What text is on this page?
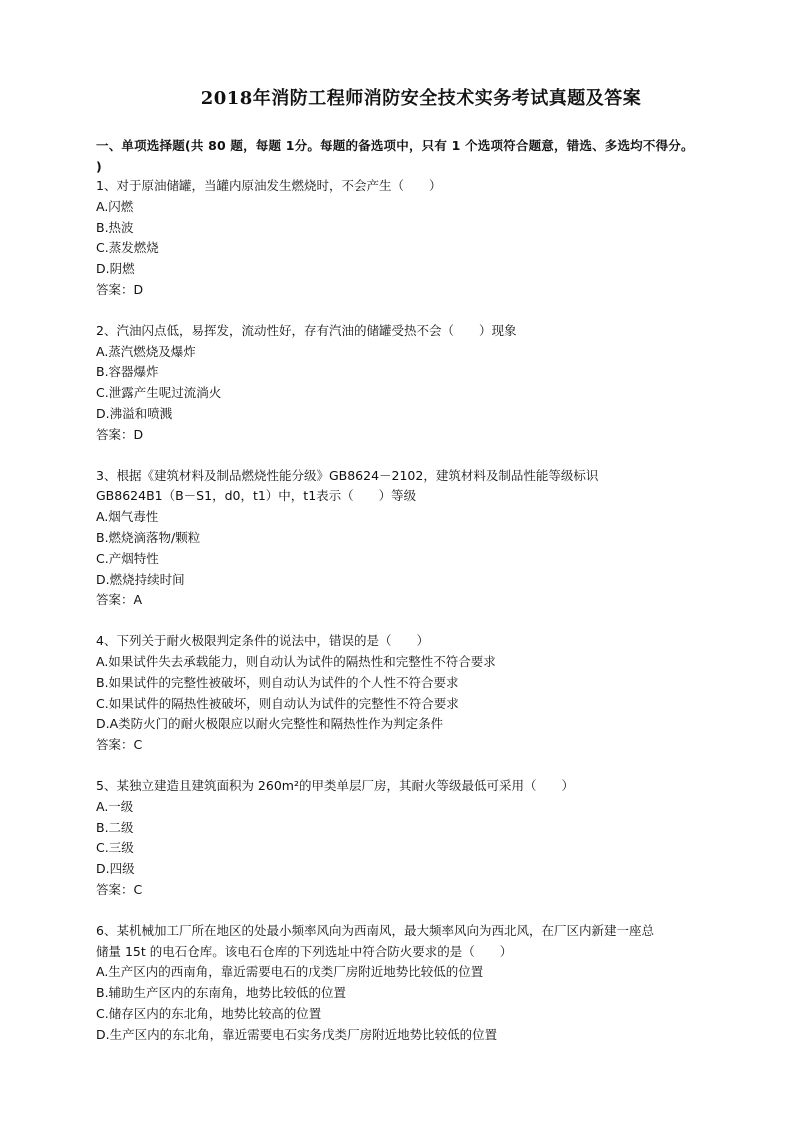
2018年消防工程师消防安全技术实务考试真题及答案
一、单项选择题(共 80 题，每题 1分。每题的备选项中，只有 1 个选项符合题意，错选、多选均不得分。
)
1、对于原油储罐，当罐内原油发生燃烧时，不会产生（　　）
A.闪燃
B.热波
C.蒸发燃烧
D.阴燃
答案：D
2、汽油闪点低，易挥发，流动性好，存有汽油的储罐受热不会（　　）现象
A.蒸汽燃烧及爆炸
B.容器爆炸
C.泄露产生呢过流淌火
D.沸溢和喷溅
答案：D
3、根据《建筑材料及制品燃烧性能分级》GB8624－2102，建筑材料及制品性能等级标识
GB8624B1（B－S1，d0，t1）中，t1表示（　　）等级
A.烟气毒性
B.燃烧滴落物/颗粒
C.产烟特性
D.燃烧持续时间
答案：A
4、下列关于耐火极限判定条件的说法中，错误的是（　　）
A.如果试件失去承载能力，则自动认为试件的隔热性和完整性不符合要求
B.如果试件的完整性被破坏，则自动认为试件的个人性不符合要求
C.如果试件的隔热性被破坏，则自动认为试件的完整性不符合要求
D.A类防火门的耐火极限应以耐火完整性和隔热性作为判定条件
答案：C
5、某独立建造且建筑面积为 260m²的甲类单层厂房，其耐火等级最低可采用（　　）
A.一级
B.二级
C.三级
D.四级
答案：C
6、某机械加工厂所在地区的处最小频率风向为西南风，最大频率风向为西北风，在厂区内新建一座总
储量 15t 的电石仓库。该电石仓库的下列选址中符合防火要求的是（　　）
A.生产区内的西南角，靠近需要电石的戊类厂房附近地势比较低的位置
B.辅助生产区内的东南角，地势比较低的位置
C.储存区内的东北角，地势比较高的位置
D.生产区内的东北角，靠近需要电石实务戊类厂房附近地势比较低的位置
